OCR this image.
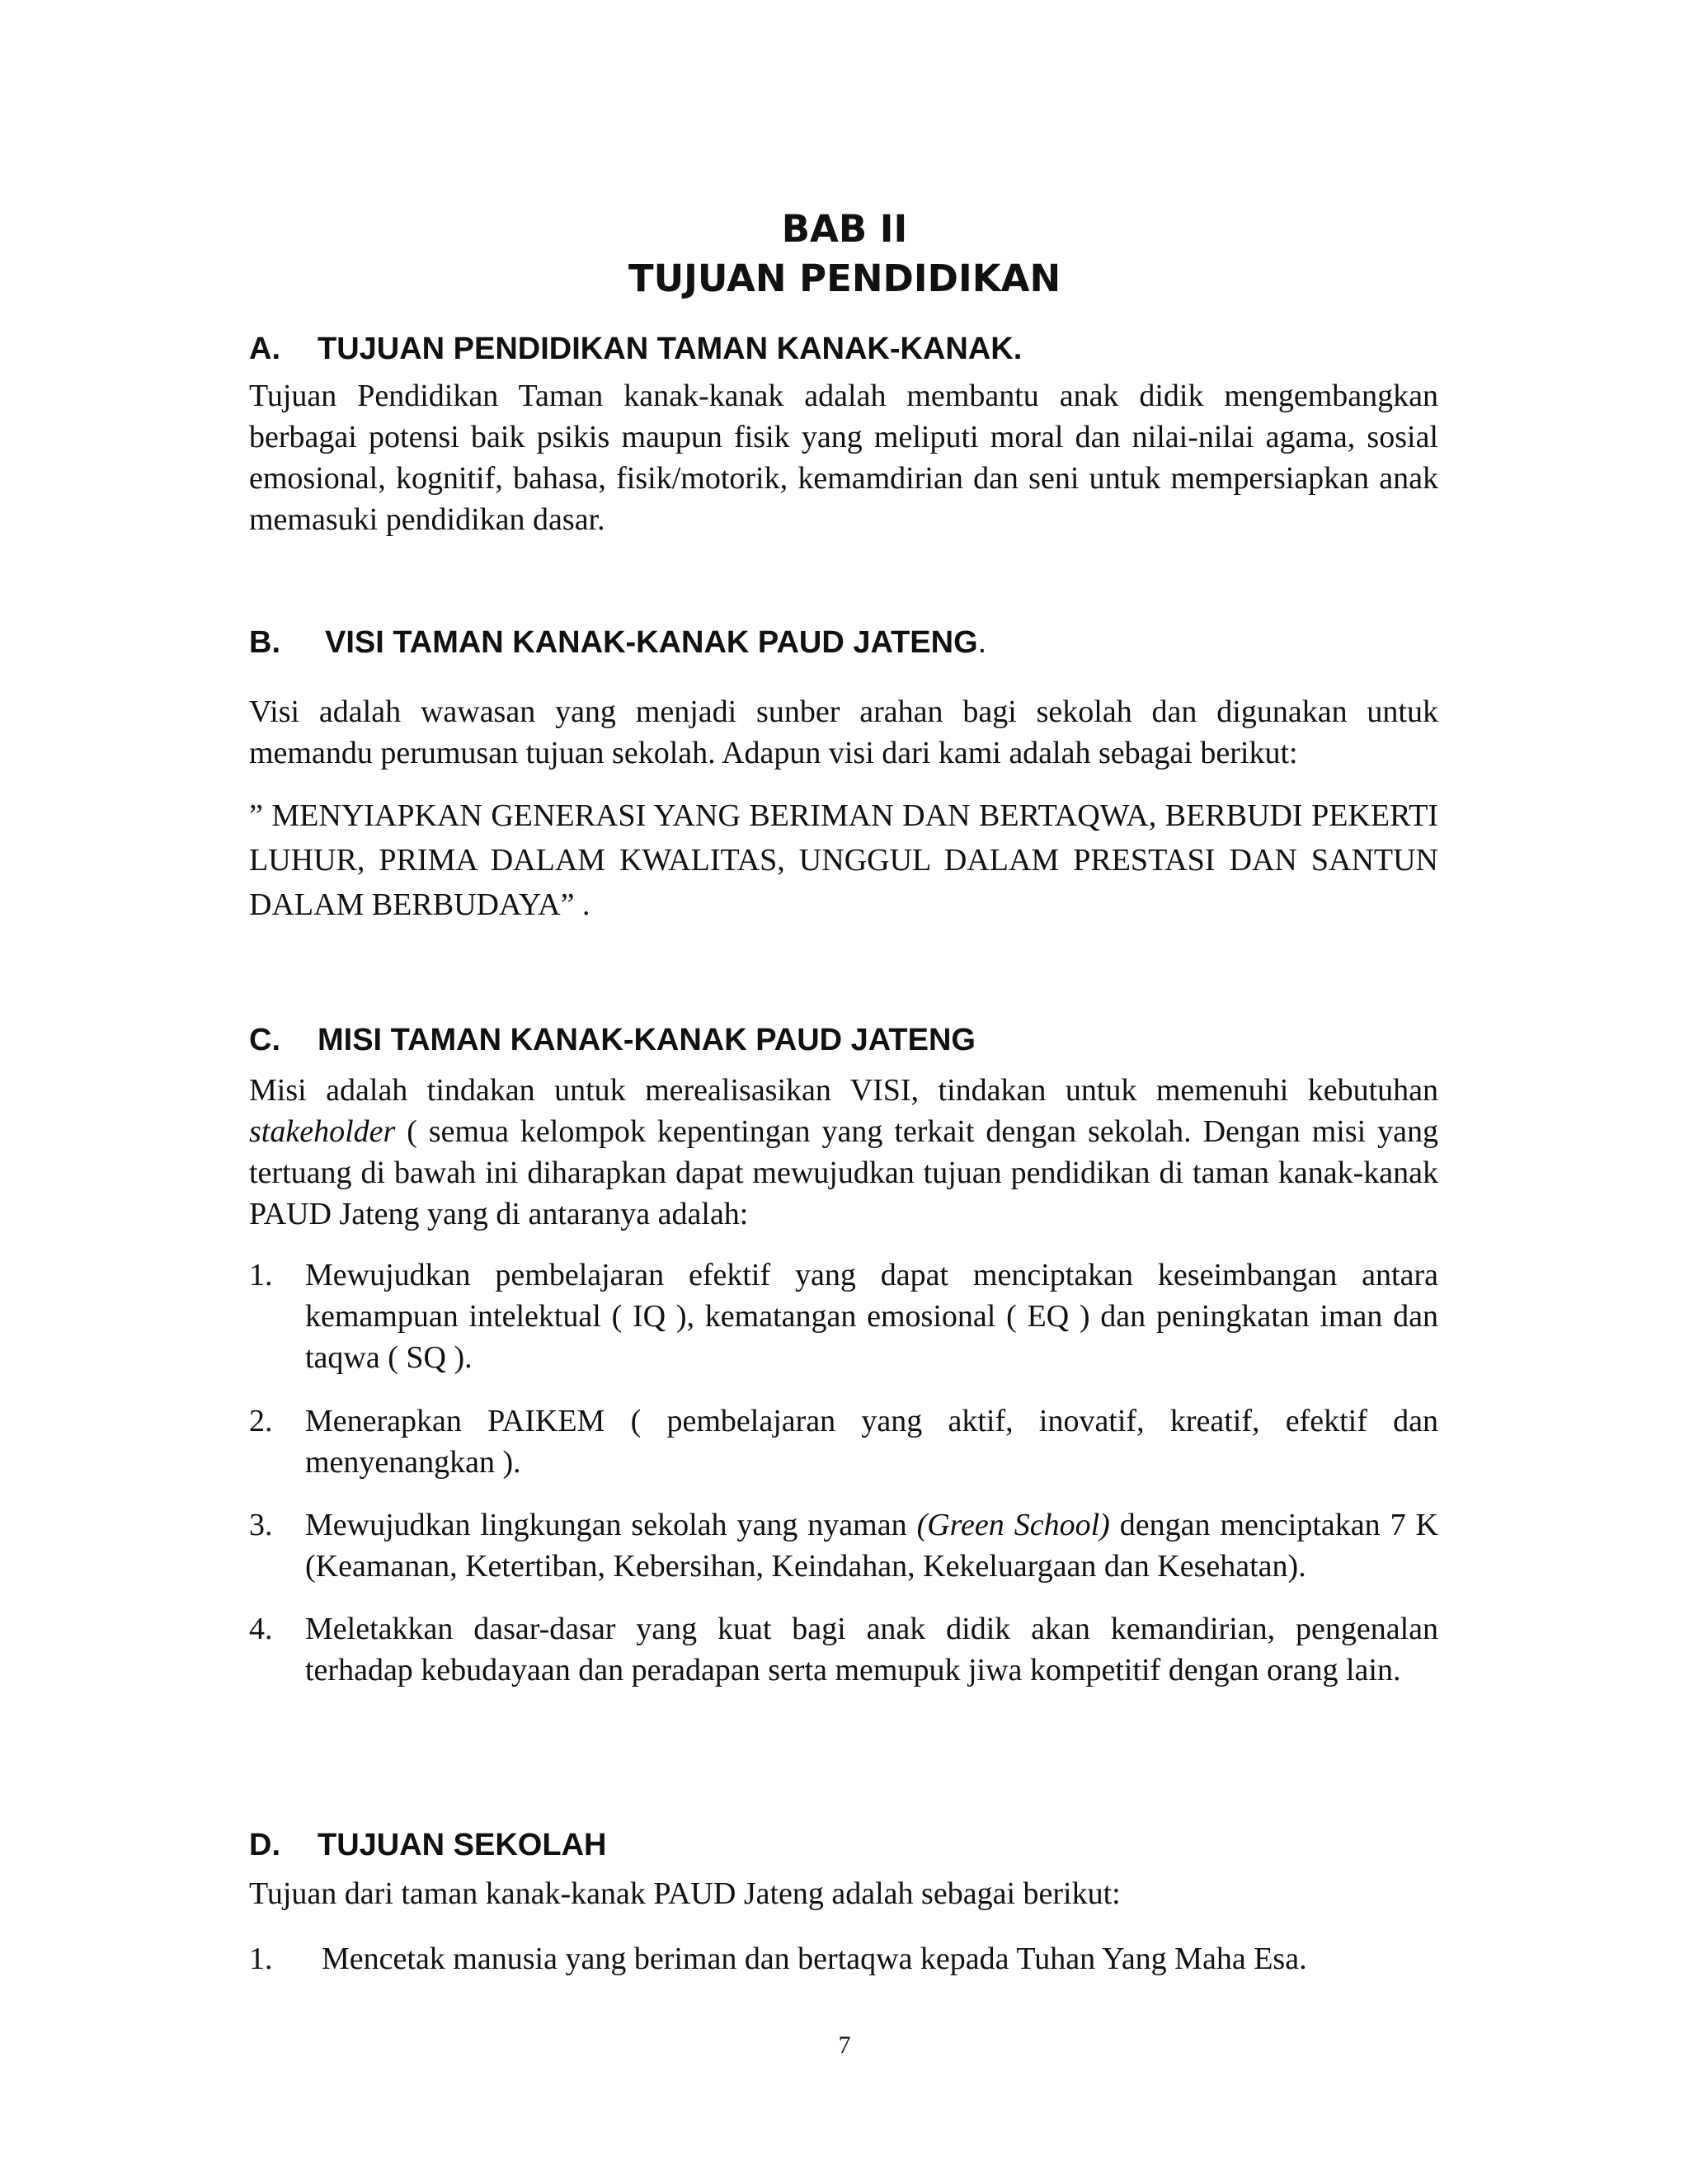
BAB II
TUJUAN PENDIDIKAN
A. TUJUAN PENDIDIKAN TAMAN KANAK-KANAK.
Tujuan Pendidikan Taman kanak-kanak adalah membantu anak didik mengembangkan berbagai potensi baik psikis maupun fisik yang meliputi moral dan nilai-nilai agama, sosial emosional, kognitif, bahasa, fisik/motorik, kemamdirian dan seni untuk mempersiapkan anak memasuki pendidikan dasar.
B. VISI TAMAN KANAK-KANAK PAUD JATENG.
Visi adalah wawasan yang menjadi sunber arahan bagi sekolah dan digunakan untuk memandu perumusan tujuan sekolah. Adapun visi dari kami adalah sebagai berikut:
” MENYIAPKAN GENERASI YANG BERIMAN DAN BERTAQWA, BERBUDI PEKERTI LUHUR, PRIMA DALAM KWALITAS, UNGGUL DALAM PRESTASI DAN SANTUN DALAM BERBUDAYA” .
C. MISI TAMAN KANAK-KANAK PAUD JATENG
Misi adalah tindakan untuk merealisasikan VISI, tindakan untuk memenuhi kebutuhan stakeholder ( semua kelompok kepentingan yang terkait dengan sekolah. Dengan misi yang tertuang di bawah ini diharapkan dapat mewujudkan tujuan pendidikan di taman kanak-kanak PAUD Jateng yang di antaranya adalah:
1. Mewujudkan pembelajaran efektif yang dapat menciptakan keseimbangan antara kemampuan intelektual ( IQ ), kematangan emosional ( EQ ) dan peningkatan iman dan taqwa ( SQ ).
2. Menerapkan PAIKEM ( pembelajaran yang aktif, inovatif, kreatif, efektif dan menyenangkan ).
3. Mewujudkan lingkungan sekolah yang nyaman (Green School) dengan menciptakan 7 K (Keamanan, Ketertiban, Kebersihan, Keindahan, Kekeluargaan dan Kesehatan).
4. Meletakkan dasar-dasar yang kuat bagi anak didik akan kemandirian, pengenalan terhadap kebudayaan dan peradapan serta memupuk jiwa kompetitif dengan orang lain.
D. TUJUAN SEKOLAH
Tujuan dari taman kanak-kanak PAUD Jateng adalah sebagai berikut:
1. Mencetak manusia yang beriman dan bertaqwa kepada Tuhan Yang Maha Esa.
7
